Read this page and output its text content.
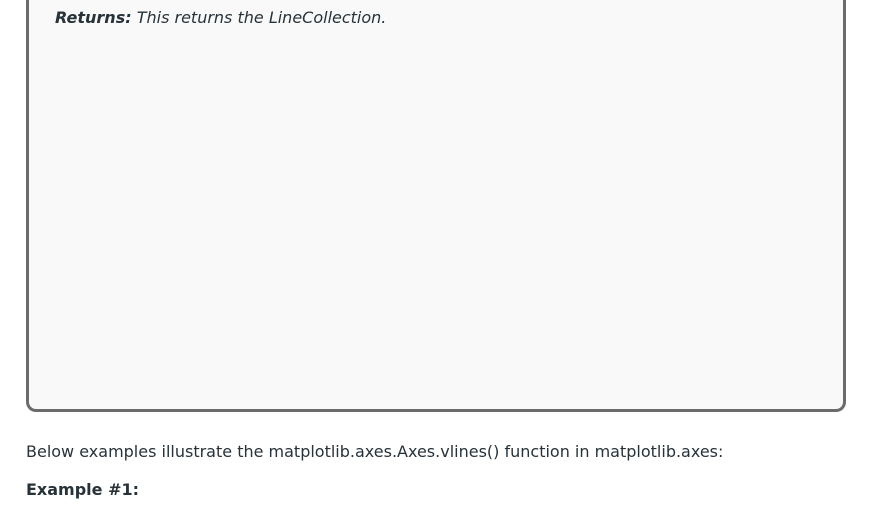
Returns: This returns the LineCollection.
Below examples illustrate the matplotlib.axes.Axes.vlines() function in matplotlib.axes:
Example #1:
